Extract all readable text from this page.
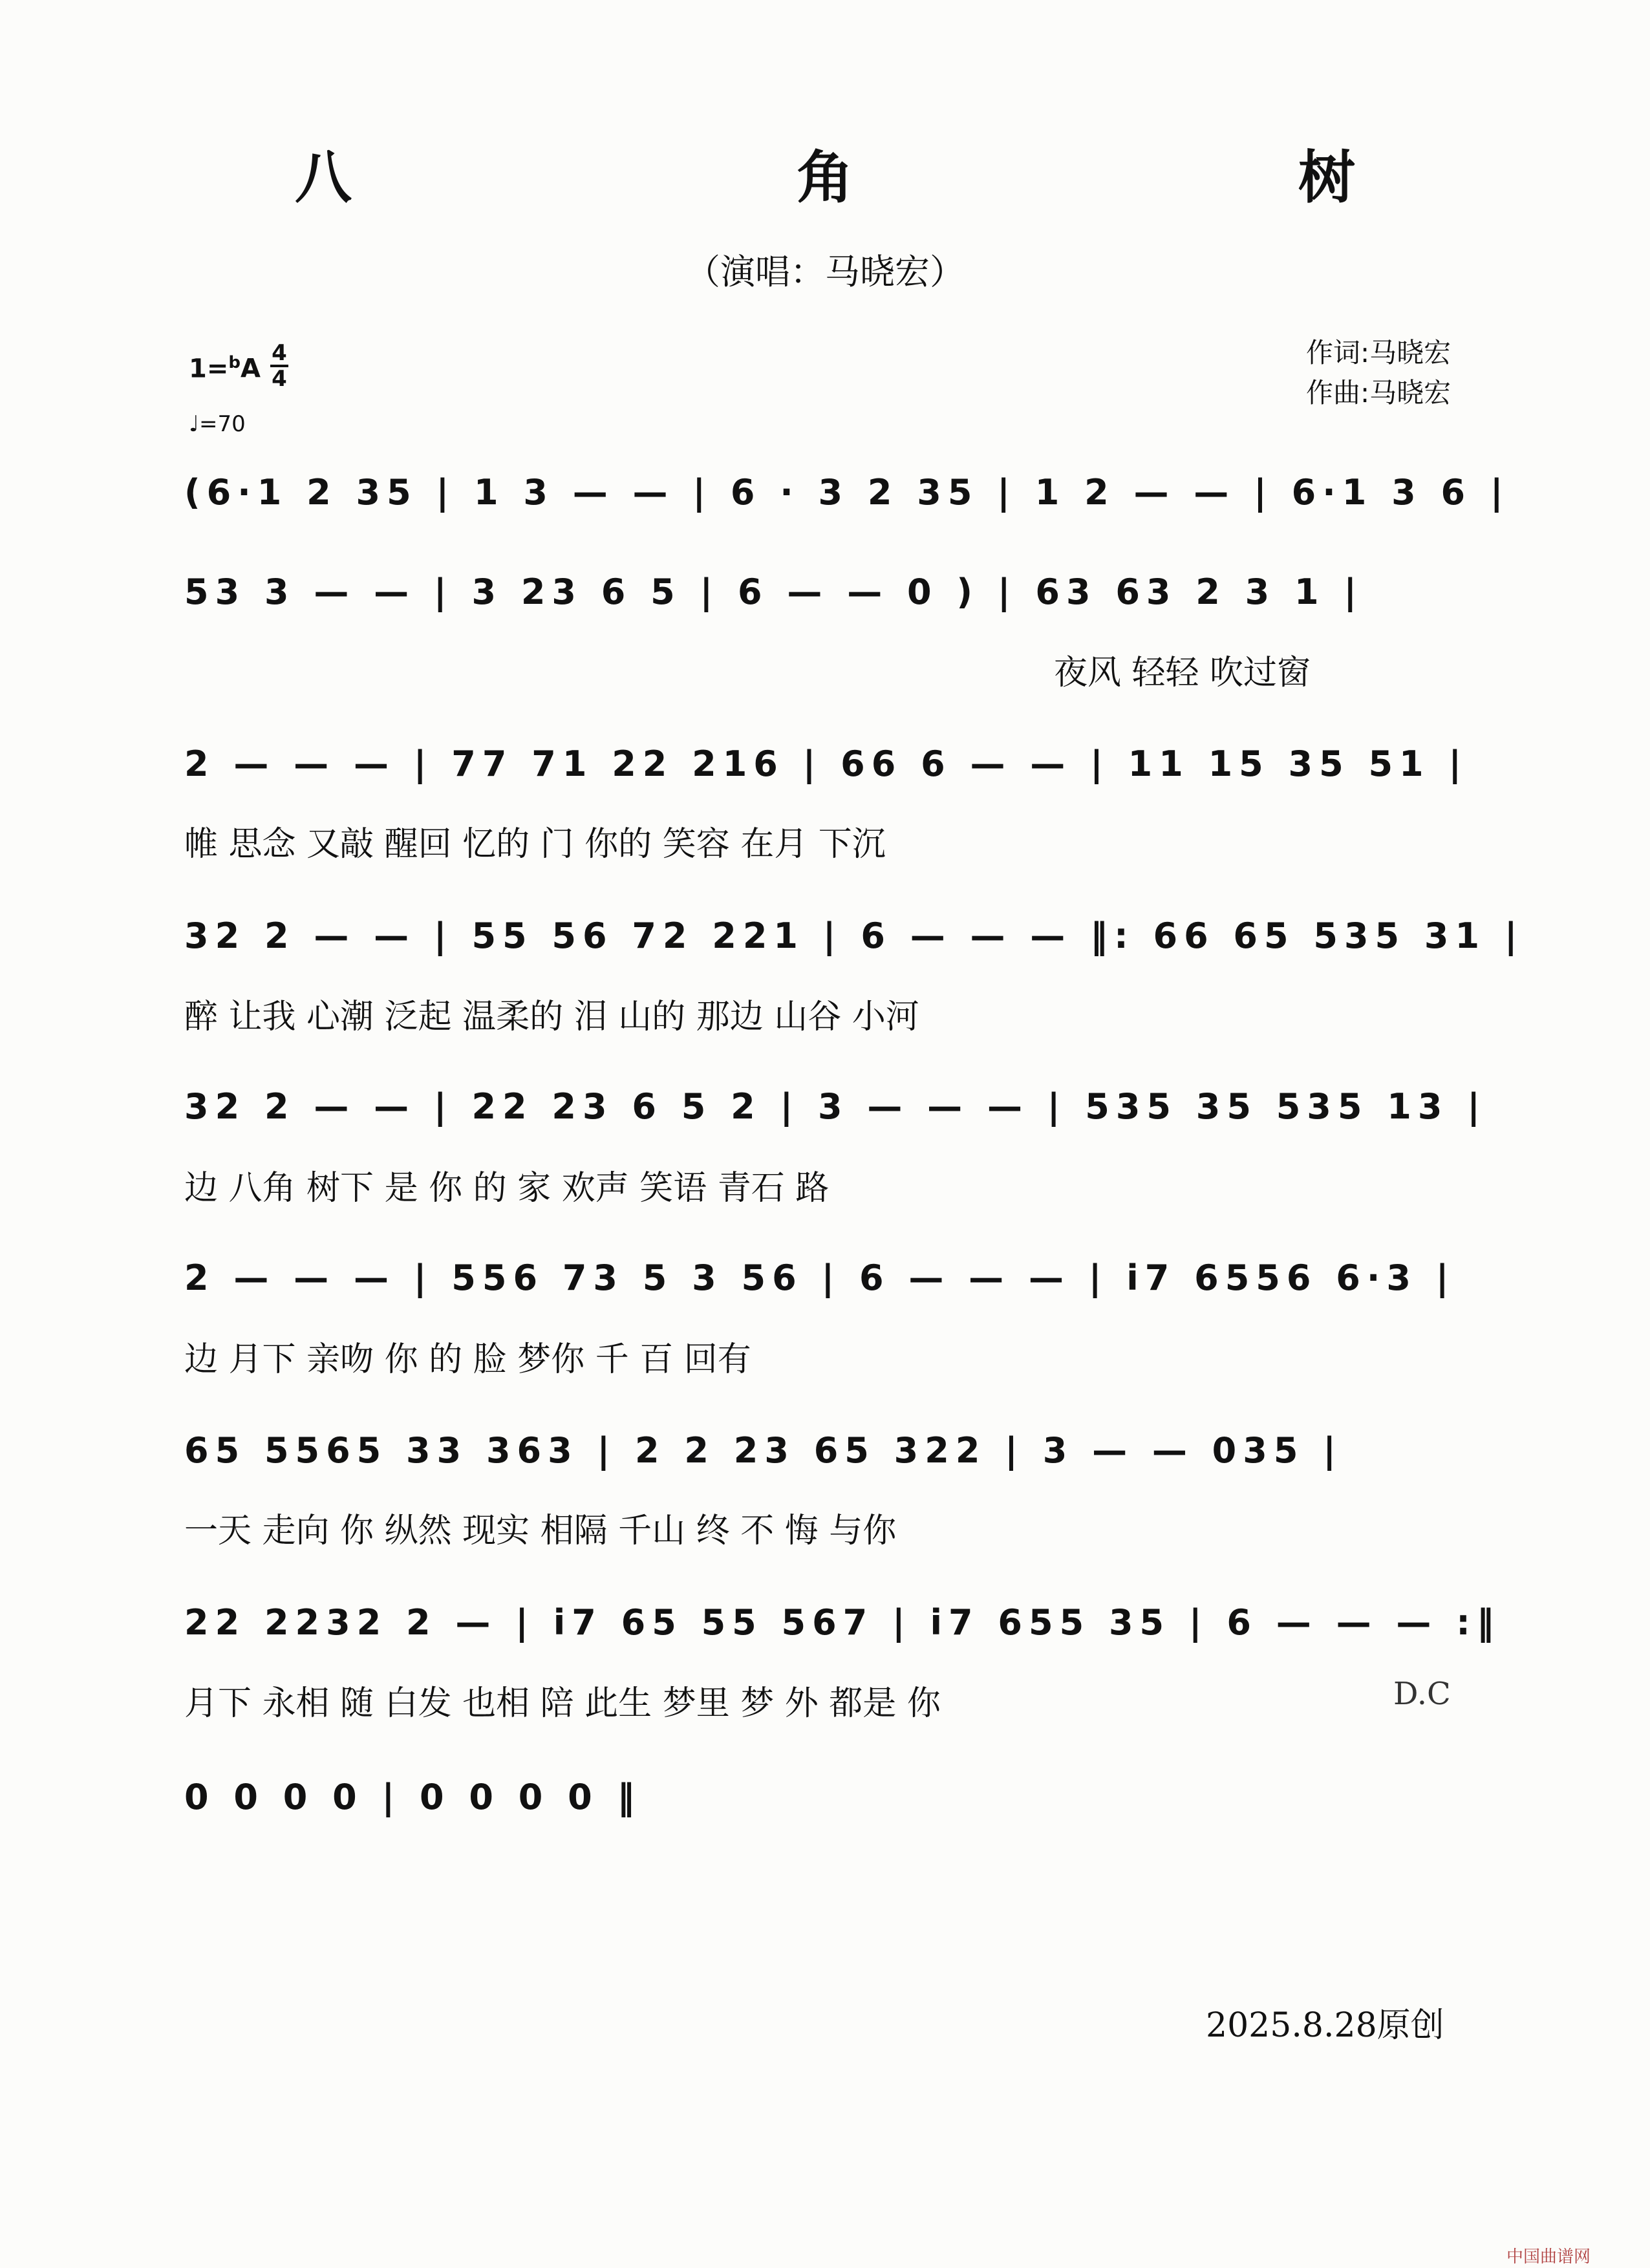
八　角　树
（演唱：马晓宏）
1=$^b$A
4
4
♩=70
作词:马晓宏
作曲:马晓宏
(6·1 2 35 | 1 3 — — | 6 · 3 2 35 | 1 2 — — | 6·1 3 6 |
53 3 — — | 3 23 6 5 | 6 — — 0 ) | 63 63 2 3 1 |
夜风 轻轻 吹过窗
2 — — — | 77 71 22 216 | 66 6 — — | 11 15 35 51 |
帷 思念 又敲 醒回 忆的 门 你的 笑容 在月 下沉
32 2 — — | 55 56 72 221 | 6 — — — ‖: 66 65 535 31 |
醉 让我 心潮 泛起 温柔的 泪 山的 那边 山谷 小河
32 2 — — | 22 23 6 5 2 | 3 — — — | 535 35 535 13 |
边 八角 树下 是 你 的 家 欢声 笑语 青石 路
2 — — — | 556 73 5 3 56 | 6 — — — | i7 6556 6·3 |
边 月下 亲吻 你 的 脸 梦你 千 百 回有
65 5565 33 363 | 2 2 23 65 322 | 3 — — 035 |
一天 走向 你 纵然 现实 相隔 千山 终 不 悔 与你
22 2232 2 — | i7 65 55 567 | i7 655 35 | 6 — — — :‖
月下 永相 随 白发 也相 陪 此生 梦里 梦 外 都是 你	D.C
0 0 0 0 | 0 0 0 0 ‖
2025.8.28原创
中国曲谱网
